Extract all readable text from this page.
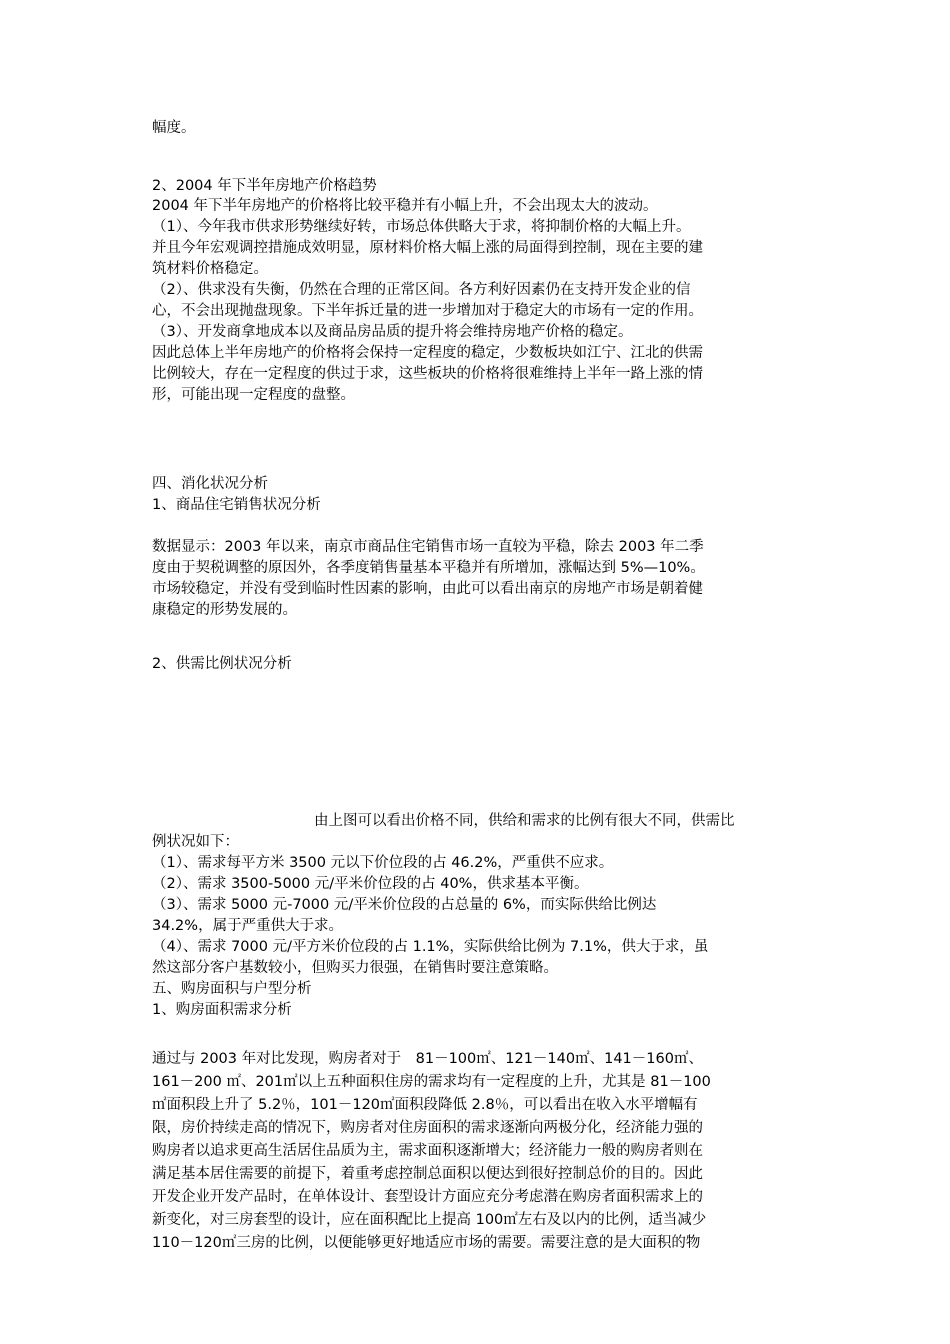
幅度。
2、2004 年下半年房地产价格趋势
2004 年下半年房地产的价格将比较平稳并有小幅上升，不会出现太大的波动。
（1）、今年我市供求形势继续好转，市场总体供略大于求，将抑制价格的大幅上升。
并且今年宏观调控措施成效明显，原材料价格大幅上涨的局面得到控制，现在主要的建
筑材料价格稳定。
（2）、供求没有失衡，仍然在合理的正常区间。各方利好因素仍在支持开发企业的信
心，不会出现抛盘现象。下半年拆迁量的进一步增加对于稳定大的市场有一定的作用。
（3）、开发商拿地成本以及商品房品质的提升将会维持房地产价格的稳定。
因此总体上半年房地产的价格将会保持一定程度的稳定，少数板块如江宁、江北的供需
比例较大，存在一定程度的供过于求，这些板块的价格将很难维持上半年一路上涨的情
形，可能出现一定程度的盘整。
四、消化状况分析
1、商品住宅销售状况分析
数据显示：2003 年以来，南京市商品住宅销售市场一直较为平稳，除去 2003 年二季
度由于契税调整的原因外，各季度销售量基本平稳并有所增加，涨幅达到 5%—10%。
市场较稳定，并没有受到临时性因素的影响，由此可以看出南京的房地产市场是朝着健
康稳定的形势发展的。
2、供需比例状况分析
由上图可以看出价格不同，供给和需求的比例有很大不同，供需比
例状况如下：
（1）、需求每平方米 3500 元以下价位段的占 46.2%，严重供不应求。
（2）、需求 3500-5000 元/平米价位段的占 40%，供求基本平衡。
（3）、需求 5000 元-7000 元/平米价位段的占总量的 6%，而实际供给比例达
34.2%，属于严重供大于求。
（4）、需求 7000 元/平方米价位段的占 1.1%，实际供给比例为 7.1%，供大于求，虽
然这部分客户基数较小，但购买力很强，在销售时要注意策略。
五、购房面积与户型分析
1、购房面积需求分析
通过与 2003 年对比发现，购房者对于　81－100㎡、121－140㎡、141－160㎡、
161－200 ㎡、201㎡以上五种面积住房的需求均有一定程度的上升，尤其是 81－100
㎡面积段上升了 5.2％，101－120㎡面积段降低 2.8％，可以看出在收入水平增幅有
限，房价持续走高的情况下，购房者对住房面积的需求逐渐向两极分化，经济能力强的
购房者以追求更高生活居住品质为主，需求面积逐渐增大；经济能力一般的购房者则在
满足基本居住需要的前提下，着重考虑控制总面积以便达到很好控制总价的目的。因此
开发企业开发产品时，在单体设计、套型设计方面应充分考虑潜在购房者面积需求上的
新变化，对三房套型的设计，应在面积配比上提高 100㎡左右及以内的比例，适当减少
110－120㎡三房的比例，以便能够更好地适应市场的需要。需要注意的是大面积的物
